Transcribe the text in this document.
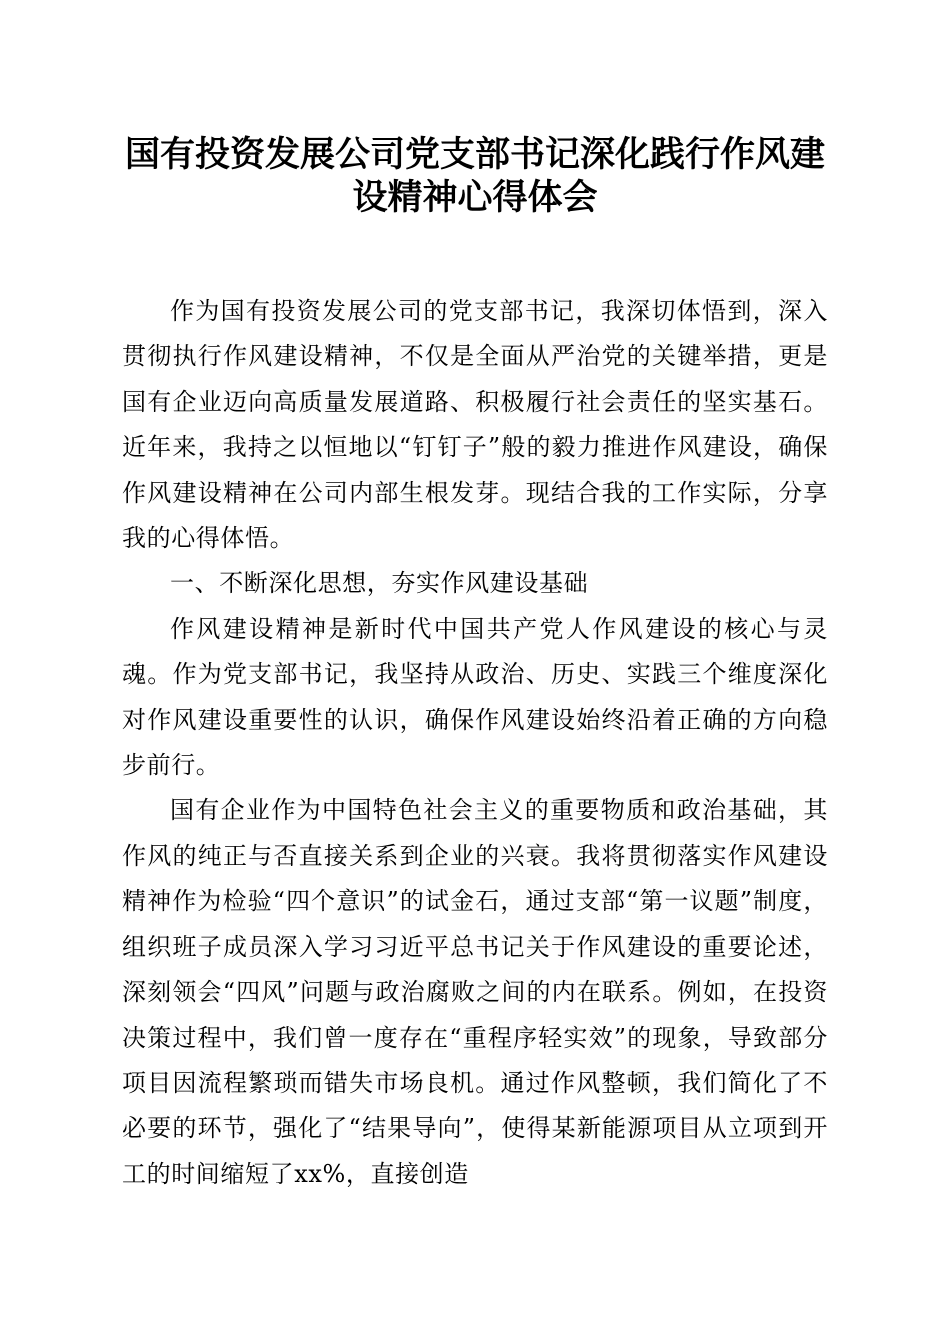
国有投资发展公司党支部书记深化践行作风建
设精神心得体会

作为国有投资发展公司的党支部书记，我深切体悟到，深入贯彻执行作风建设精神，不仅是全面从严治党的关键举措，更是国有企业迈向高质量发展道路、积极履行社会责任的坚实基石。近年来，我持之以恒地以“钉钉子”般的毅力推进作风建设，确保作风建设精神在公司内部生根发芽。现结合我的工作实际，分享我的心得体悟。

一、不断深化思想，夯实作风建设基础

作风建设精神是新时代中国共产党人作风建设的核心与灵魂。作为党支部书记，我坚持从政治、历史、实践三个维度深化对作风建设重要性的认识，确保作风建设始终沿着正确的方向稳步前行。

国有企业作为中国特色社会主义的重要物质和政治基础，其作风的纯正与否直接关系到企业的兴衰。我将贯彻落实作风建设精神作为检验“四个意识”的试金石，通过支部“第一议题”制度，组织班子成员深入学习习近平总书记关于作风建设的重要论述，深刻领会“四风”问题与政治腐败之间的内在联系。例如，在投资决策过程中，我们曾一度存在“重程序轻实效”的现象，导致部分项目因流程繁琐而错失市场良机。通过作风整顿，我们简化了不必要的环节，强化了“结果导向”，使得某新能源项目从立项到开工的时间缩短了xx%，直接创造
